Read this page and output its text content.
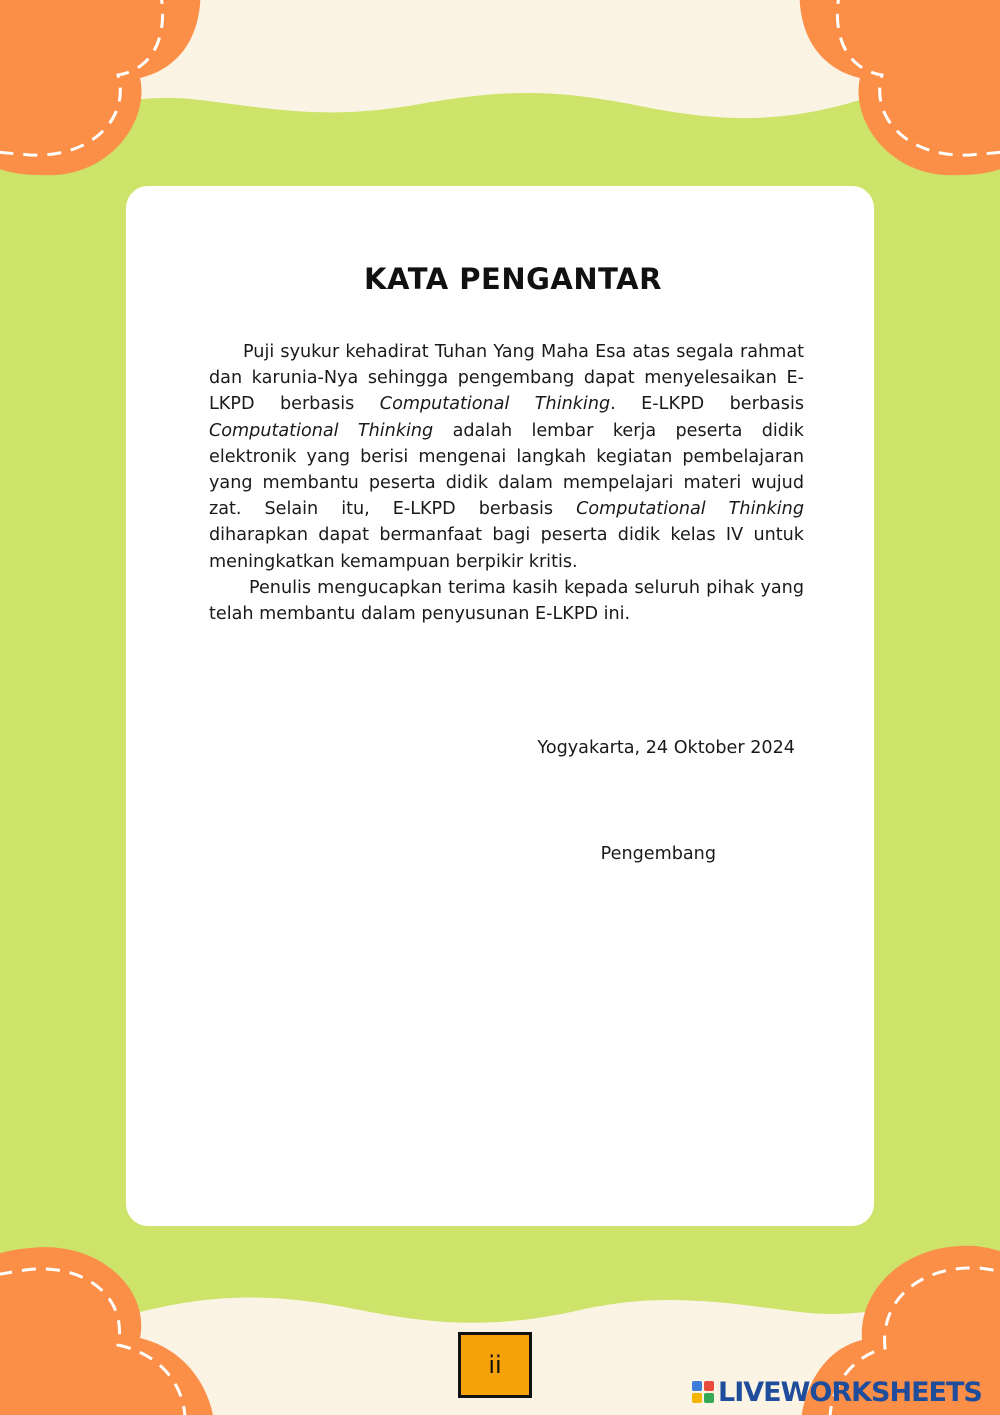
KATA PENGANTAR

Puji syukur kehadirat Tuhan Yang Maha Esa atas segala rahmat dan karunia-Nya sehingga pengembang dapat menyelesaikan E-LKPD berbasis Computational Thinking. E-LKPD berbasis Computational Thinking adalah lembar kerja peserta didik elektronik yang berisi mengenai langkah kegiatan pembelajaran yang membantu peserta didik dalam mempelajari materi wujud zat. Selain itu, E-LKPD berbasis Computational Thinking diharapkan dapat bermanfaat bagi peserta didik kelas IV untuk meningkatkan kemampuan berpikir kritis.

Penulis mengucapkan terima kasih kepada seluruh pihak yang telah membantu dalam penyusunan E-LKPD ini.

Yogyakarta, 24 Oktober 2024
Pengembang
ii
LIVEWORKSHEETS
